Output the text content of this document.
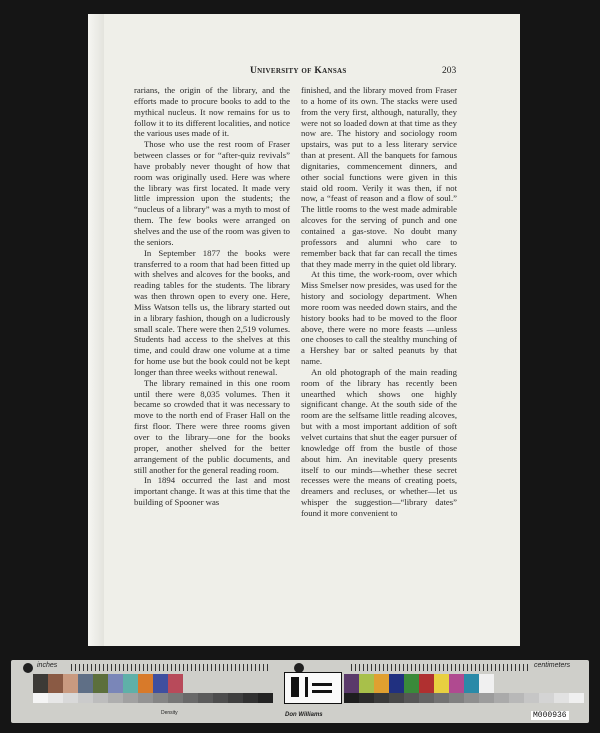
University of Kansas	203

rarians, the origin of the library, and the efforts made to procure books to add to the mythical nucleus. It now remains for us to follow it to its different localities, and notice the various uses made of it.

Those who use the rest room of Fraser between classes or for “after-quiz revivals” have probably never thought of how that room was originally used. Here was where the library was first located. It made very little impression upon the students; the “nucleus of a library” was a myth to most of them. The few books were arranged on shelves and the use of the room was given to the seniors.

In September 1877 the books were transferred to a room that had been fitted up with shelves and alcoves for the books, and reading tables for the students. The library was then thrown open to every one. Here, Miss Watson tells us, the library started out in a library fashion, though on a ludicrously small scale. There were then 2,519 volumes. Students had access to the shelves at this time, and could draw one volume at a time for home use but the book could not be kept longer than three weeks without renewal.

The library remained in this one room until there were 8,035 volumes. Then it became so crowded that it was necessary to move to the north end of Fraser Hall on the first floor. There were three rooms given over to the library—one for the books proper, another shelved for the better arrangement of the public documents, and still another for the general reading room.

In 1894 occurred the last and most important change. It was at this time that the building of Spooner was

finished, and the library moved from Fraser to a home of its own. The stacks were used from the very first, although, naturally, they were not so loaded down at that time as they now are. The history and sociology room upstairs, was put to a less literary service than at present. All the banquets for famous dignitaries, commencement dinners, and other social functions were given in this staid old room. Verily it was then, if not now, a “feast of reason and a flow of soul.” The little rooms to the west made admirable alcoves for the serving of punch and one contained a gas-stove. No doubt many professors and alumni who care to remember back that far can recall the times that they made merry in the quiet old library.

At this time, the work-room, over which Miss Smelser now presides, was used for the history and sociology department. When more room was needed down stairs, and the history books had to be moved to the floor above, there were no more feasts —unless one chooses to call the stealthy munching of a Hershey bar or salted peanuts by that name.

An old photograph of the main reading room of the library has recently been unearthed which shows one highly significant change. At the south side of the room are the selfsame little reading alcoves, but with a most important addition of soft velvet curtains that shut the eager pursuer of knowledge off from the bustle of those about him. An inevitable query presents itself to our minds—whether these secret recesses were the means of creating poets, dreamers and recluses, or whether—let us whisper the suggestion—“library dates” found it more convenient to

inches	centimeters
Density	Don Williams	M000936
